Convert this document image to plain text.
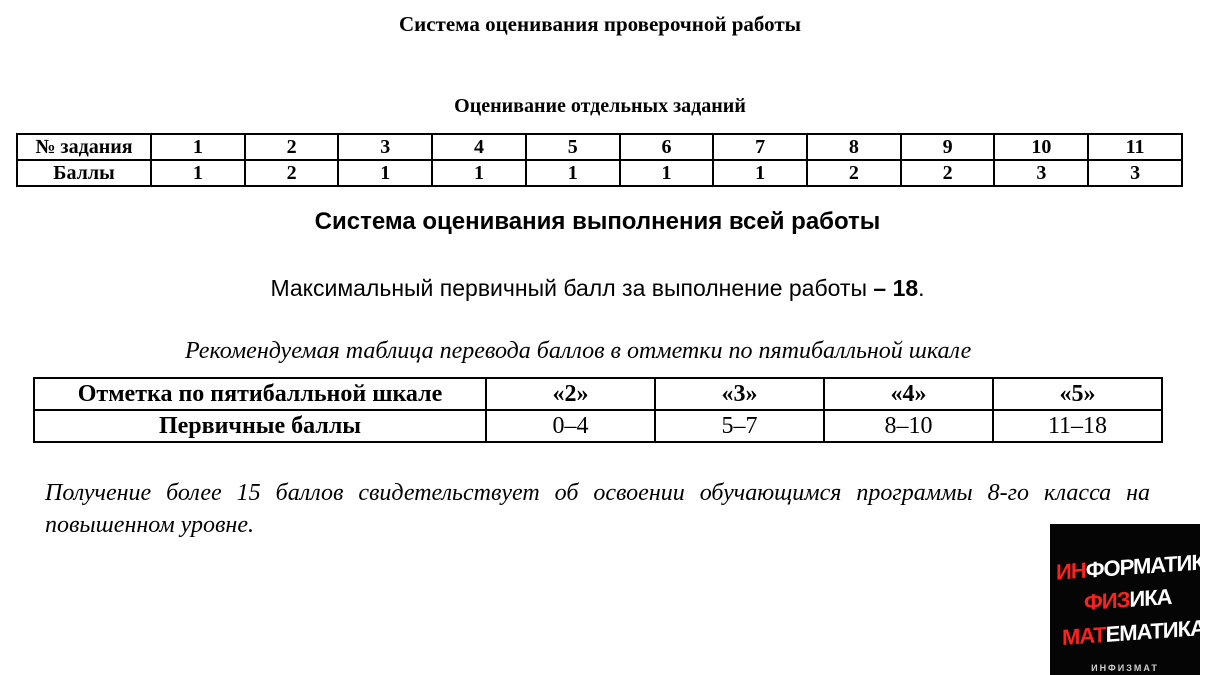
Система оценивания проверочной работы
Оценивание отдельных заданий
№ задания	1	2	3	4	5	6	7	8	9	10	11
Баллы	1	2	1	1	1	1	1	2	2	3	3
Система оценивания выполнения всей работы
Максимальный первичный балл за выполнение работы – 18.
Рекомендуемая таблица перевода баллов в отметки по пятибалльной шкале
Отметка по пятибалльной шкале	«2»	«3»	«4»	«5»
Первичные баллы	0–4	5–7	8–10	11–18
Получение более 15 баллов свидетельствует об освоении обучающимся программы 8-го класса на повышенном уровне.
ИНФОРМАТИКА
ФИЗИКА
МАТЕМАТИКА
ИНФИЗМАТ
